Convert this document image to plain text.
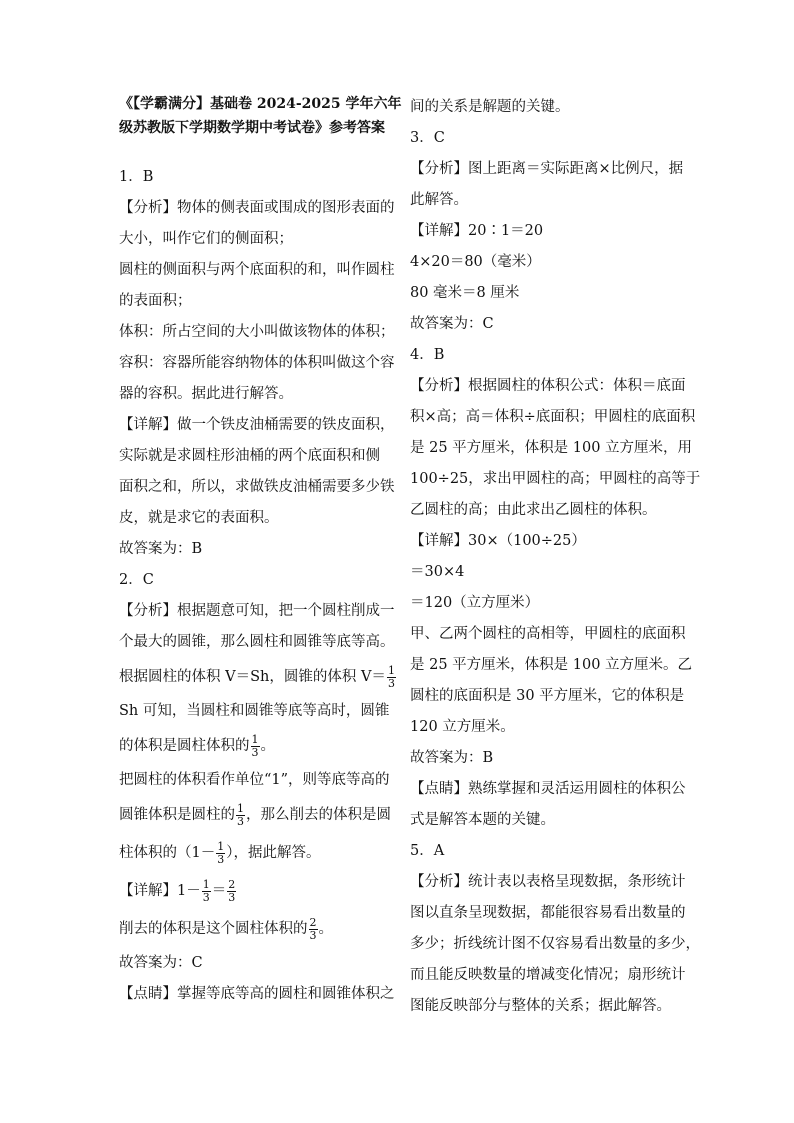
《【学霸满分】基础卷 2024-2025 学年六年
级苏教版下学期数学期中考试卷》参考答案
1．B
【分析】物体的侧表面或围成的图形表面的
大小，叫作它们的侧面积；
圆柱的侧面积与两个底面积的和，叫作圆柱
的表面积；
体积：所占空间的大小叫做该物体的体积；
容积：容器所能容纳物体的体积叫做这个容
器的容积。据此进行解答。
【详解】做一个铁皮油桶需要的铁皮面积，
实际就是求圆柱形油桶的两个底面积和侧
面积之和，所以，求做铁皮油桶需要多少铁
皮，就是求它的表面积。
故答案为：B
2．C
【分析】根据题意可知，把一个圆柱削成一
个最大的圆锥，那么圆柱和圆锥等底等高。
根据圆柱的体积 V＝Sh，圆锥的体积 $V= \frac{1}{3}$
Sh 可知，当圆柱和圆锥等底等高时，圆锥
的体积是圆柱体积的 $\frac{1}{3}$ 。
把圆柱的体积看作单位“1”，则等底等高的
圆锥体积是圆柱的 $\frac{1}{3}$ ，那么削去的体积是圆
柱体积的（$1- \frac{1}{3}$ ），据此解答。
【详解】$1- \frac{1}{3} = \frac{2}{3}$
削去的体积是这个圆柱体积的 $\frac{2}{3}$ 。
故答案为：C
【点睛】掌握等底等高的圆柱和圆锥体积之
间的关系是解题的关键。
3．C
【分析】图上距离＝实际距离×比例尺，据
此解答。
【详解】20∶1＝20
4×20＝80（毫米）
80 毫米＝8 厘米
故答案为：C
4．B
【分析】根据圆柱的体积公式：体积＝底面
积×高；高＝体积÷底面积；甲圆柱的底面积
是 25 平方厘米，体积是 100 立方厘米，用
100÷25，求出甲圆柱的高；甲圆柱的高等于
乙圆柱的高；由此求出乙圆柱的体积。
【详解】30×（100÷25）
＝30×4
＝120（立方厘米）
甲、乙两个圆柱的高相等，甲圆柱的底面积
是 25 平方厘米，体积是 100 立方厘米。乙
圆柱的底面积是 30 平方厘米，它的体积是
120 立方厘米。
故答案为：B
【点睛】熟练掌握和灵活运用圆柱的体积公
式是解答本题的关键。
5．A
【分析】统计表以表格呈现数据，条形统计
图以直条呈现数据，都能很容易看出数量的
多少；折线统计图不仅容易看出数量的多少，
而且能反映数量的增减变化情况；扇形统计
图能反映部分与整体的关系；据此解答。
